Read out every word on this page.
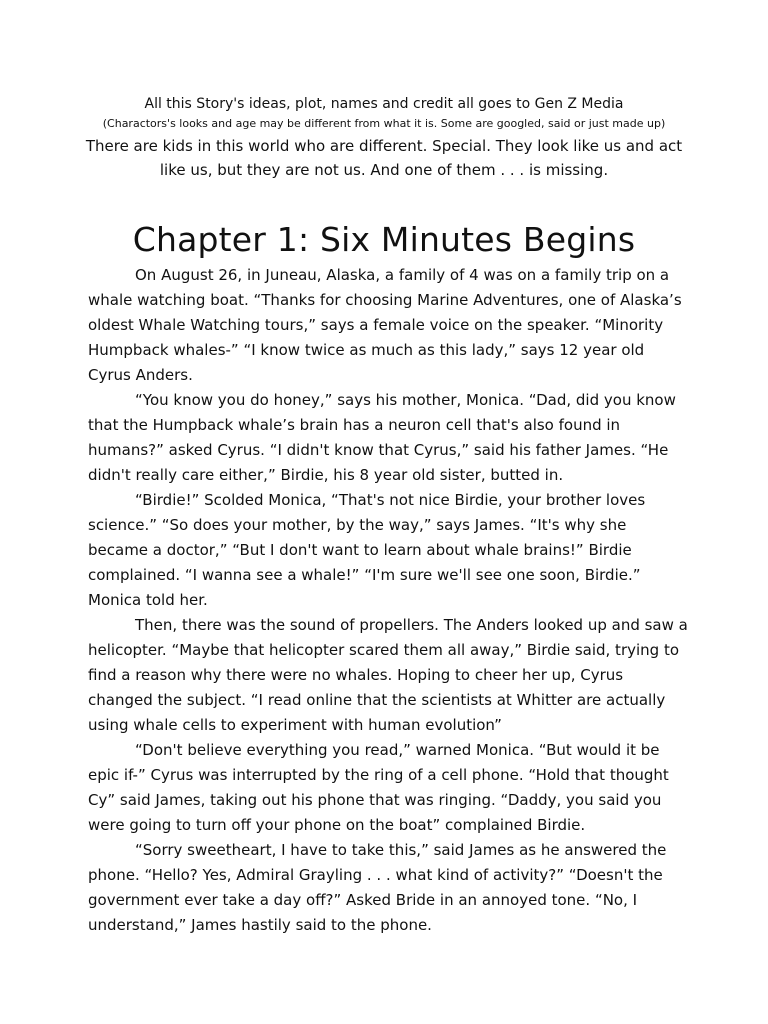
All this Story's ideas, plot, names and credit all goes to Gen Z Media

(Charactors's looks and age may be different from what it is. Some are googled, said or just made up)

There are kids in this world who are different. Special. They look like us and act like us, but they are not us. And one of them . . . is missing.

Chapter 1: Six Minutes Begins

On August 26, in Juneau, Alaska, a family of 4 was on a family trip on a whale watching boat. “Thanks for choosing Marine Adventures, one of Alaska’s oldest Whale Watching tours,” says a female voice on the speaker. “Minority Humpback whales-” “I know twice as much as this lady,” says 12 year old Cyrus Anders.

“You know you do honey,” says his mother, Monica. “Dad, did you know that the Humpback whale’s brain has a neuron cell that's also found in humans?” asked Cyrus. “I didn't know that Cyrus,” said his father James. “He didn't really care either,” Birdie, his 8 year old sister, butted in.

“Birdie!” Scolded Monica, “That's not nice Birdie, your brother loves science.” “So does your mother, by the way,” says James. “It's why she became a doctor,” “But I don't want to learn about whale brains!” Birdie complained. “I wanna see a whale!” “I'm sure we'll see one soon, Birdie.” Monica told her.

Then, there was the sound of propellers. The Anders looked up and saw a helicopter. “Maybe that helicopter scared them all away,” Birdie said, trying to find a reason why there were no whales. Hoping to cheer her up, Cyrus changed the subject. “I read online that the scientists at Whitter are actually using whale cells to experiment with human evolution”

“Don't believe everything you read,” warned Monica. “But would it be epic if-” Cyrus was interrupted by the ring of a cell phone. “Hold that thought Cy” said James, taking out his phone that was ringing. “Daddy, you said you were going to turn off your phone on the boat” complained Birdie.

“Sorry sweetheart, I have to take this,” said James as he answered the phone. “Hello? Yes, Admiral Grayling . . . what kind of activity?” “Doesn't the government ever take a day off?” Asked Bride in an annoyed tone. “No, I understand,” James hastily said to the phone.
